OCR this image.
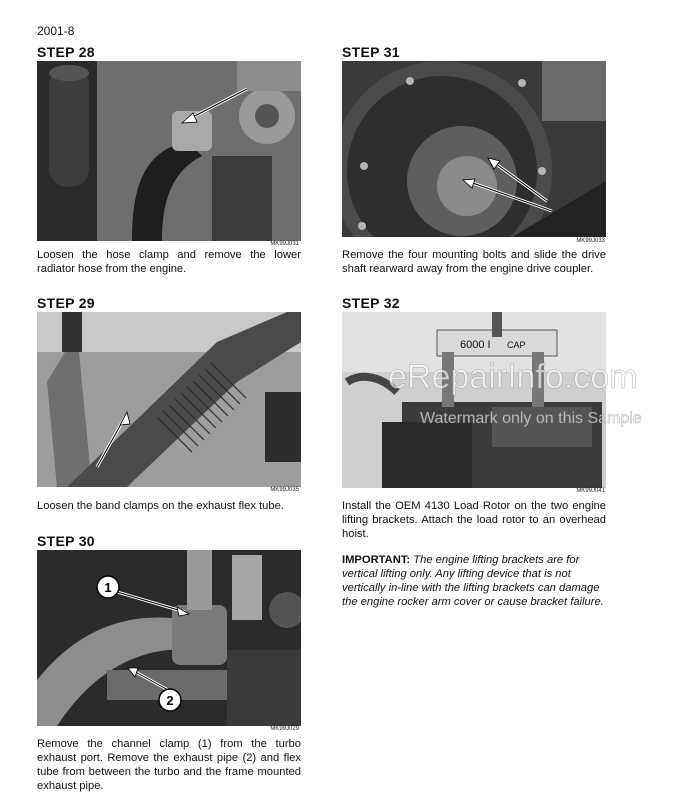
2001-8
STEP 28
MK99J031
Loosen the hose clamp and remove the lower radiator hose from the engine.
STEP 29
MK99J035
Loosen the band clamps on the exhaust flex tube.
STEP 30
1
2
MK99J029
Remove the channel clamp (1) from the turbo exhaust port. Remove the exhaust pipe (2) and flex tube from between the turbo and the frame mounted exhaust pipe.
STEP 31
MK99J033
Remove the four mounting bolts and slide the drive shaft rearward away from the engine drive coupler.
STEP 32
6000 I CAP
MK99J041
Install the OEM 4130 Load Rotor on the two engine lifting brackets. Attach the load rotor to an overhead hoist.
IMPORTANT: The engine lifting brackets are for vertical lifting only. Any lifting device that is not vertically in-line with the lifting brackets can damage the engine rocker arm cover or cause bracket failure.
eRepairInfo.com
Watermark only on this Sample
